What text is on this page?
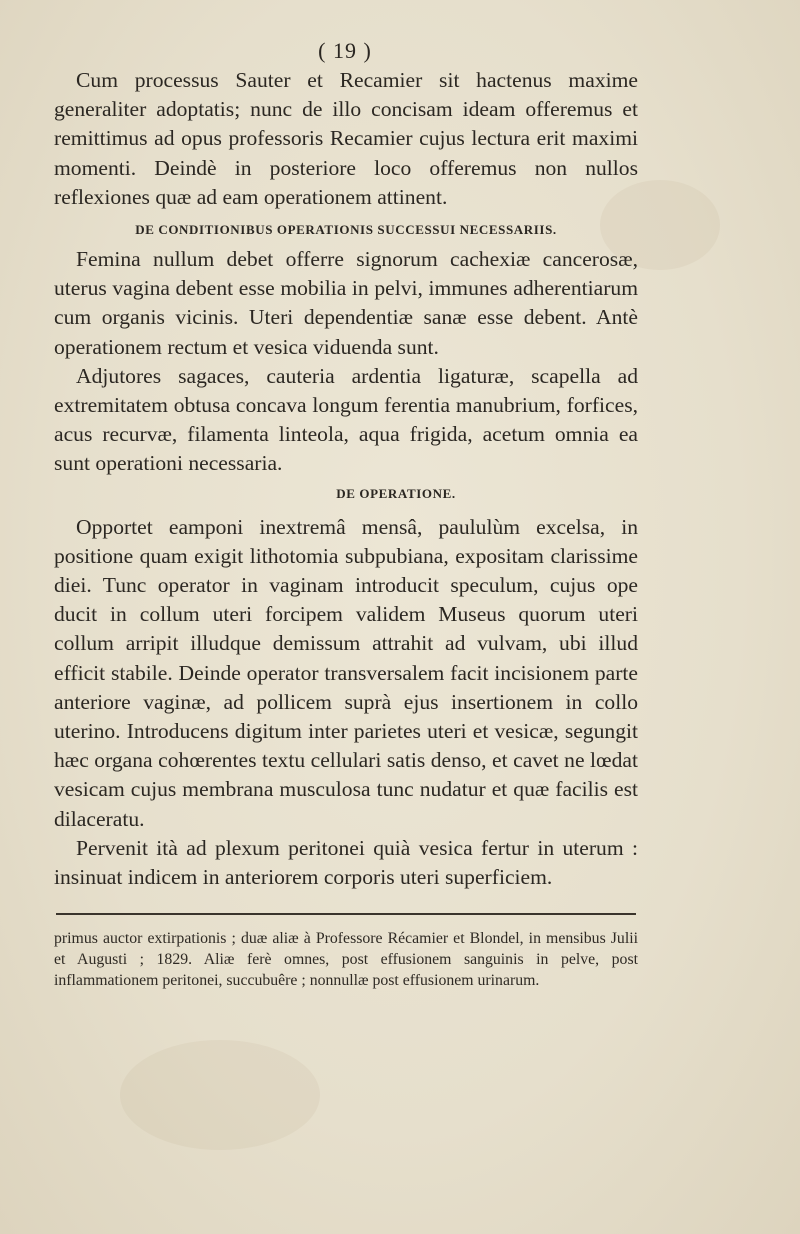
( 19 )

Cum processus Sauter et Recamier sit hactenus maxime generaliter adoptatis; nunc de illo concisam ideam offeremus et remittimus ad opus professoris Recamier cujus lectura erit maximi momenti. Deindè in posteriore loco offeremus non nullos reflexiones quæ ad eam operationem attinent.

DE CONDITIONIBUS OPERATIONIS SUCCESSUI NECESSARIIS.

Femina nullum debet offerre signorum cachexiæ cancerosæ, uterus vagina debent esse mobilia in pelvi, immunes adherentiarum cum organis vicinis. Uteri dependentiæ sanæ esse debent. Antè operationem rectum et vesica viduenda sunt.

Adjutores sagaces, cauteria ardentia ligaturæ, scapella ad extremitatem obtusa concava longum ferentia manubrium, forfices, acus recurvæ, filamenta linteola, aqua frigida, acetum omnia ea sunt operationi necessaria.

DE OPERATIONE.

Opportet eamponi inextremâ mensâ, paululùm excelsa, in positione quam exigit lithotomia subpubiana, expositam clarissime diei. Tunc operator in vaginam introducit speculum, cujus ope ducit in collum uteri forcipem validem Museus quorum uteri collum arripit illudque demissum attrahit ad vulvam, ubi illud efficit stabile. Deinde operator transversalem facit incisionem parte anteriore vaginæ, ad pollicem suprà ejus insertionem in collo uterino. Introducens digitum inter parietes uteri et vesicæ, segungit hæc organa cohœrentes textu cellulari satis denso, et cavet ne lœdat vesicam cujus membrana musculosa tunc nudatur et quæ facilis est dilaceratu.

Pervenit ità ad plexum peritonei quià vesica fertur in uterum : insinuat indicem in anteriorem corporis uteri superficiem.

primus auctor extirpationis ; duæ aliæ à Professore Récamier et Blondel, in mensibus Julii et Augusti ; 1829. Aliæ ferè omnes, post effusionem sanguinis in pelve, post inflammationem peritonei, succubuêre ; nonnullæ post effusionem urinarum.
